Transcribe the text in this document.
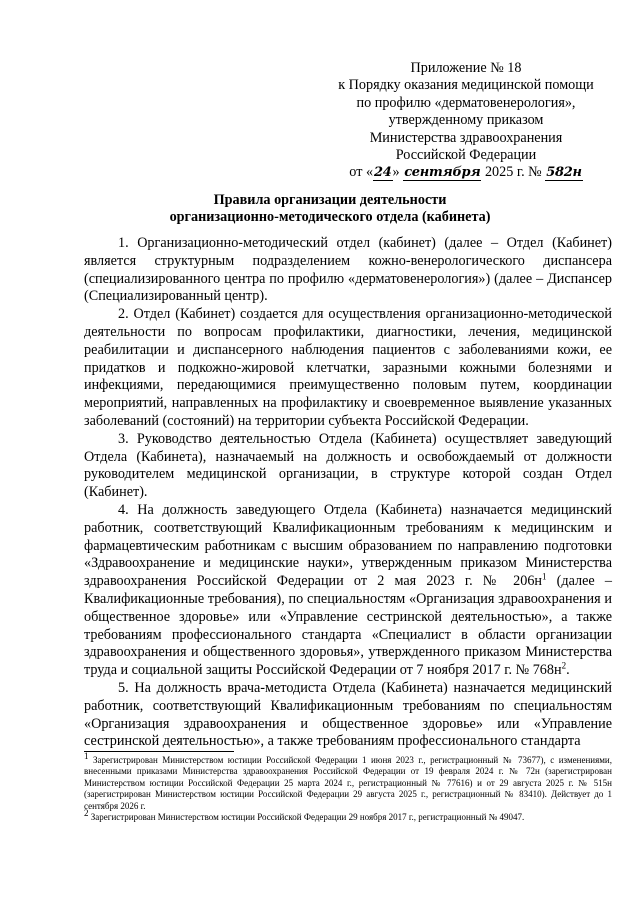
Приложение № 18
к Порядку оказания медицинской помощи
по профилю «дерматовенерология»,
утвержденному приказом
Министерства здравоохранения
Российской Федерации
от «24» сентября 2025 г. № 582н
Правила организации деятельности
организационно-методического отдела (кабинета)

1. Организационно-методический отдел (кабинет) (далее – Отдел (Кабинет) является структурным подразделением кожно-венерологического диспансера (специализированного центра по профилю «дерматовенерология») (далее – Диспансер (Специализированный центр).

2. Отдел (Кабинет) создается для осуществления организационно-методической деятельности по вопросам профилактики, диагностики, лечения, медицинской реабилитации и диспансерного наблюдения пациентов с заболеваниями кожи, ее придатков и подкожно-жировой клетчатки, заразными кожными болезнями и инфекциями, передающимися преимущественно половым путем, координации мероприятий, направленных на профилактику и своевременное выявление указанных заболеваний (состояний) на территории субъекта Российской Федерации.

3. Руководство деятельностью Отдела (Кабинета) осуществляет заведующий Отдела (Кабинета), назначаемый на должность и освобождаемый от должности руководителем медицинской организации, в структуре которой создан Отдел (Кабинет).

4. На должность заведующего Отдела (Кабинета) назначается медицинский работник, соответствующий Квалификационным требованиям к медицинским и фармацевтическим работникам с высшим образованием по направлению подготовки «Здравоохранение и медицинские науки», утвержденным приказом Министерства здравоохранения Российской Федерации от 2 мая 2023 г. № $206н^1$ (далее – Квалификационные требования), по специальностям «Организация здравоохранения и общественное здоровье» или «Управление сестринской деятельностью», а также требованиям профессионального стандарта «Специалист в области организации здравоохранения и общественного здоровья», утвержденного приказом Министерства труда и социальной защиты Российской Федерации от 7 ноября 2017 г. № $768н^2$.

5. На должность врача-методиста Отдела (Кабинета) назначается медицинский работник, соответствующий Квалификационным требованиям по специальностям «Организация здравоохранения и общественное здоровье» или «Управление сестринской деятельностью», а также требованиям профессионального стандарта

$^1$ Зарегистрирован Министерством юстиции Российской Федерации 1 июня 2023 г., регистрационный № 73677), с изменениями, внесенными приказами Министерства здравоохранения Российской Федерации от 19 февраля 2024 г. № 72н (зарегистрирован Министерством юстиции Российской Федерации 25 марта 2024 г., регистрационный № 77616) и от 29 августа 2025 г. № 515н (зарегистрирован Министерством юстиции Российской Федерации 29 августа 2025 г., регистрационный № 83410). Действует до 1 сентября 2026 г.

$^2$ Зарегистрирован Министерством юстиции Российской Федерации 29 ноября 2017 г., регистрационный № 49047.
